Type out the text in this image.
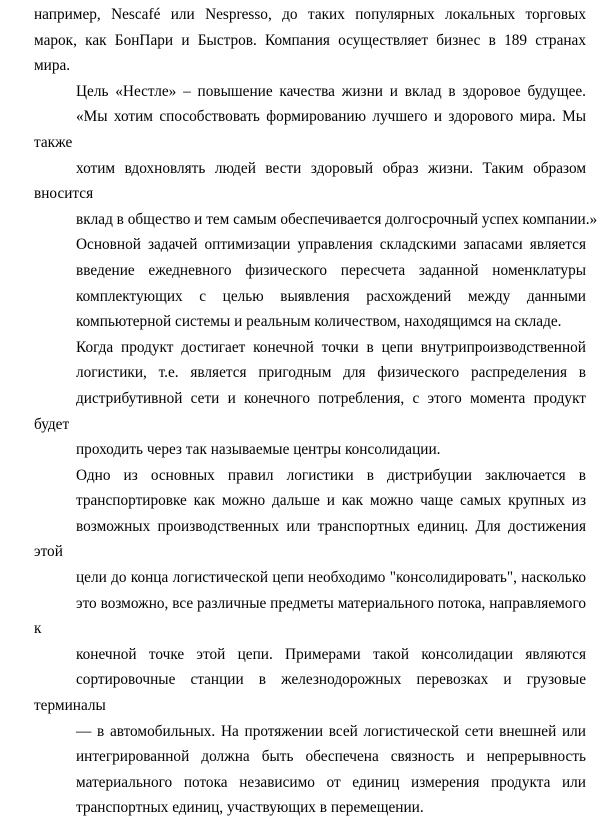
например, Nescafé или Nespresso, до таких популярных локальных торговых
марок, как БонПари и Быстров. Компания осуществляет бизнес в 189 странах
мира.

Цель «Нестле» – повышение качества жизни и вклад в здоровое будущее.
«Мы хотим способствовать формированию лучшего и здорового мира. Мы также
хотим вдохновлять людей вести здоровый образ жизни. Таким образом вносится
вклад в общество и тем самым обеспечивается долгосрочный успех компании.»

Основной задачей оптимизации управления складскими запасами является
введение ежедневного физического пересчета заданной номенклатуры
комплектующих с целью выявления расхождений между данными
компьютерной системы и реальным количеством, находящимся на складе.

Когда продукт достигает конечной точки в цепи внутрипроизводственной
логистики, т.е. является пригодным для физического распределения в
дистрибутивной сети и конечного потребления, с этого момента продукт будет
проходить через так называемые центры консолидации.

Одно из основных правил логистики в дистрибуции заключается в
транспортировке как можно дальше и как можно чаще самых крупных из
возможных производственных или транспортных единиц. Для достижения этой
цели до конца логистической цепи необходимо "консолидировать", насколько
это возможно, все различные предметы материального потока, направляемого к
конечной точке этой цепи. Примерами такой консолидации являются
сортировочные станции в железнодорожных перевозках и грузовые терминалы
— в автомобильных. На протяжении всей логистической сети внешней или
интегрированной должна быть обеспечена связность и непрерывность
материального потока независимо от единиц измерения продукта или
транспортных единиц, участвующих в перемещении.
